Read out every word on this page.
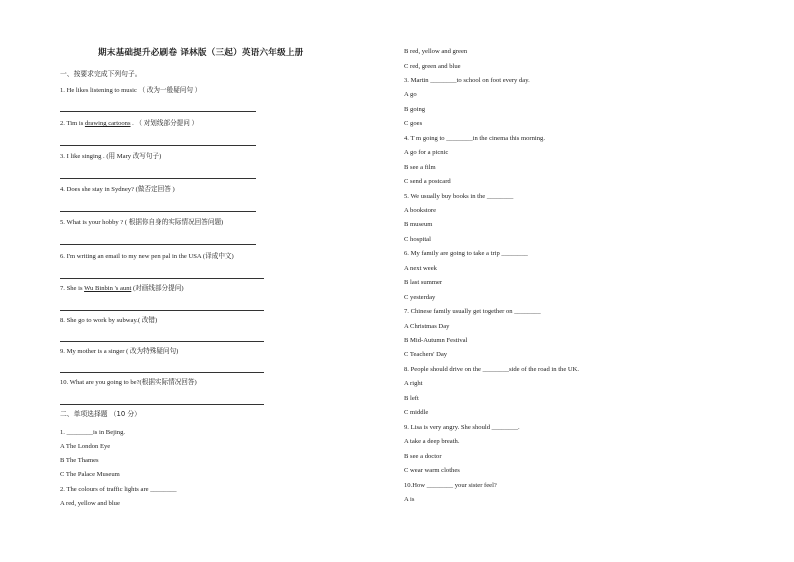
期末基础提升必刷卷 译林版（三起）英语六年级上册
一、按要求完成下列句子。
1. He likes listening to music （ 改为一般疑问句 ）
2. Tim is drawing cartoons . （ 对划线部分提问 ）
3. I like singing . (用 Mary 改写句子)
4. Does she stay in Sydney? (做否定回答 )
5. What is your hobby ? ( 根据你自身的实际情况回答问题)
6. I'm writing an email to my new pen pal in the USA (译成中文)
7. She is Wu Binbin 's aunt (对画线部分提问)
8. She go to work by subway.( 改错)
9. My mother is a singer ( 改为特殊疑问句)
10. What are you going to be?(根据实际情况回答)
二、单项选择题 （10 分）
1. ________is in Bejing.
A The London Eye
B The Thames
C The Palace Museum
2. The colours of traffic lights are ________
A red, yellow and blue
B red, yellow and green
C red, green and blue
3. Martin ________to school on foot every day.
A go
B going
C goes
4. T m going to ________in the cinema this morning.
A go for a picnic
B see a film
C send a postcard
5. We usually buy books in the ________
A bookstore
B museum
C hospital
6. My family are going to take a trip ________
A next week
B last summer
C yesterday
7. Chinese family usually get together on ________
A Christmas Day
B Mid-Autumn Festival
C Teachers' Day
8. People should drive on the ________side of the road in the UK.
A right
B left
C middle
9. Lisa is very angry. She should ________.
A take a deep breath.
B see a doctor
C wear warm clothes
10.How ________ your sister feel?
A is
